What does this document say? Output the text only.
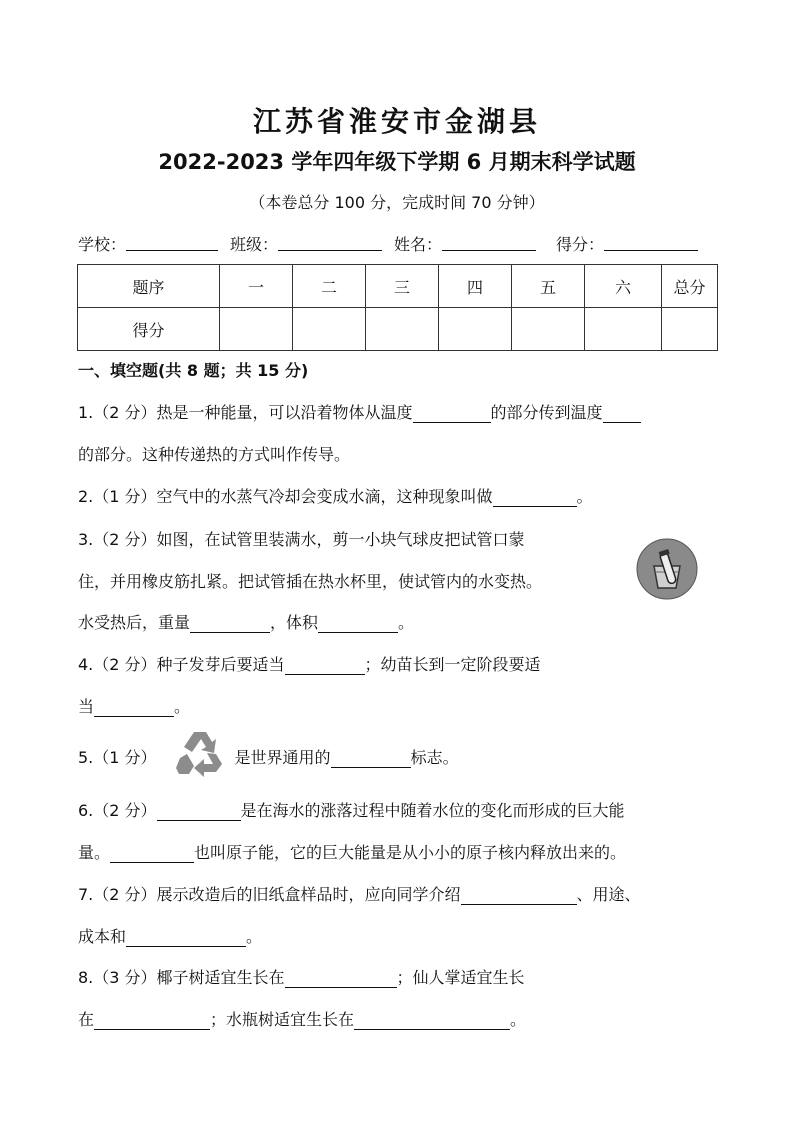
江苏省淮安市金湖县
2022-2023 学年四年级下学期 6 月期末科学试题
（本卷总分 100 分，完成时间 70 分钟）
学校：	班级：	姓名：	得分：
题序	一	二	三	四	五	六	总分
得分							
一、填空题(共 8 题；共 15 分)
1.（2 分）热是一种能量，可以沿着物体从温度	的部分传到温度
的部分。这种传递热的方式叫作传导。
2.（1 分）空气中的水蒸气冷却会变成水滴，这种现象叫做	。
3.（2 分）如图，在试管里装满水，剪一小块气球皮把试管口蒙
住，并用橡皮筋扎紧。把试管插在热水杯里，使试管内的水变热。
水受热后，重量	，体积	。
4.（2 分）种子发芽后要适当	；幼苗长到一定阶段要适
当	。
5.（1 分）	是世界通用的	标志。
6.（2 分）	是在海水的涨落过程中随着水位的变化而形成的巨大能
量。	也叫原子能，它的巨大能量是从小小的原子核内释放出来的。
7.（2 分）展示改造后的旧纸盒样品时，应向同学介绍	、用途、
成本和	。
8.（3 分）椰子树适宜生长在	；仙人掌适宜生长
在	；水瓶树适宜生长在	。
